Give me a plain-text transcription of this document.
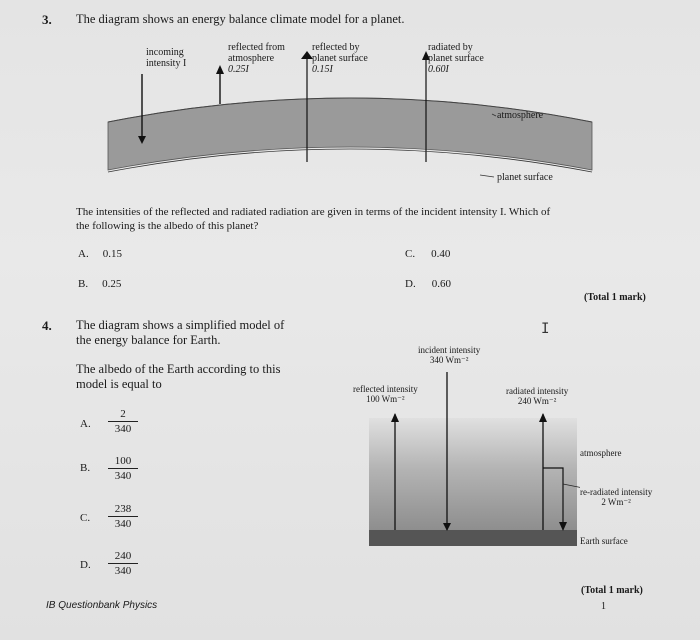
3. The diagram shows an energy balance climate model for a planet.
incoming
intensity I
reflected from
atmosphere
0.25I
reflected by
planet surface
0.15I
radiated by
planet surface
0.60I
atmosphere
planet surface
The intensities of the reflected and radiated radiation are given in terms of the incident intensity I. Which of
the following is the albedo of this planet?
A. 0.15
B. 0.25
C. 0.40
D. 0.60
(Total 1 mark)
I
4. The diagram shows a simplified model of
the energy balance for Earth.
The albedo of the Earth according to this
model is equal to
A.
2
340
B.
100
340
C.
238
340
D.
240
340
incident intensity
340 Wm⁻²
reflected intensity
100 Wm⁻²
radiated intensity
240 Wm⁻²
atmosphere
re-radiated intensity
2 Wm⁻²
Earth surface
(Total 1 mark)
IB Questionbank Physics	1
